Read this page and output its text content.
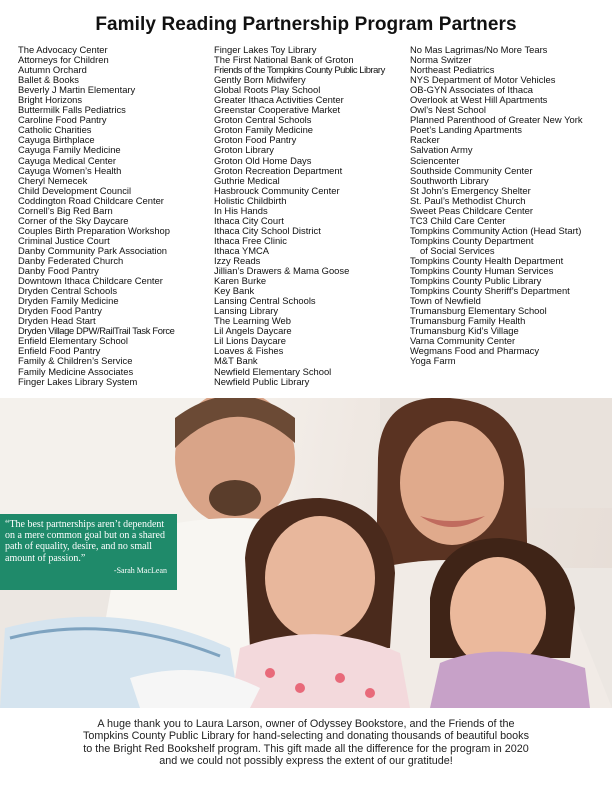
Family Reading Partnership Program Partners
The Advocacy Center
Attorneys for Children
Autumn Orchard
Ballet & Books
Beverly J Martin Elementary
Bright Horizons
Buttermilk Falls Pediatrics
Caroline Food Pantry
Catholic Charities
Cayuga Birthplace
Cayuga Family Medicine
Cayuga Medical Center
Cayuga Women’s Health
Cheryl Nemecek
Child Development Council
Coddington Road Childcare Center
Cornell’s Big Red Barn
Corner of the Sky Daycare
Couples Birth Preparation Workshop
Criminal Justice Court
Danby Community Park Association
Danby Federated Church
Danby Food Pantry
Downtown Ithaca Childcare Center
Dryden Central Schools
Dryden Family Medicine
Dryden Food Pantry
Dryden Head Start
Dryden Village DPW/RailTrail Task Force
Enfield Elementary School
Enfield Food Pantry
Family & Children’s Service
Family Medicine Associates
Finger Lakes Library System
Finger Lakes Toy Library
The First National Bank of Groton
Friends of the Tompkins County Public Library
Gently Born Midwifery
Global Roots Play School
Greater Ithaca Activities Center
Greenstar Cooperative Market
Groton Central Schools
Groton Family Medicine
Groton Food Pantry
Groton Library
Groton Old Home Days
Groton Recreation Department
Guthrie Medical
Hasbrouck Community Center
Holistic Childbirth
In His Hands
Ithaca City Court
Ithaca City School District
Ithaca Free Clinic
Ithaca YMCA
Izzy Reads
Jillian’s Drawers & Mama Goose
Karen Burke
Key Bank
Lansing Central Schools
Lansing Library
The Learning Web
Lil Angels Daycare
Lil Lions Daycare
Loaves & Fishes
M&T Bank
Newfield Elementary School
Newfield Public Library
No Mas Lagrimas/No More Tears
Norma Switzer
Northeast Pediatrics
NYS Department of Motor Vehicles
OB-GYN Associates of Ithaca
Overlook at West Hill Apartments
Owl’s Nest School
Planned Parenthood of Greater New York
Poet’s Landing Apartments
Racker
Salvation Army
Sciencenter
Southside Community Center
Southworth Library
St John’s Emergency Shelter
St. Paul’s Methodist Church
Sweet Peas Childcare Center
TC3 Child Care Center
Tompkins Community Action (Head Start)
Tompkins County Department
of Social Services
Tompkins County Health Department
Tompkins County Human Services
Tompkins County Public Library
Tompkins County Sheriff’s Department
Town of Newfield
Trumansburg Elementary School
Trumansburg Family Health
Trumansburg Kid’s Village
Varna Community Center
Wegmans Food and Pharmacy
Yoga Farm
“The best partnerships aren’t dependent on a mere common goal but on a shared path of equality, desire, and no small amount of passion.”
-Sarah MacLean
A huge thank you to Laura Larson, owner of Odyssey Bookstore, and the Friends of the
Tompkins County Public Library for hand-selecting and donating thousands of beautiful books
to the Bright Red Bookshelf program. This gift made all the difference for the program in 2020
and we could not possibly express the extent of our gratitude!
